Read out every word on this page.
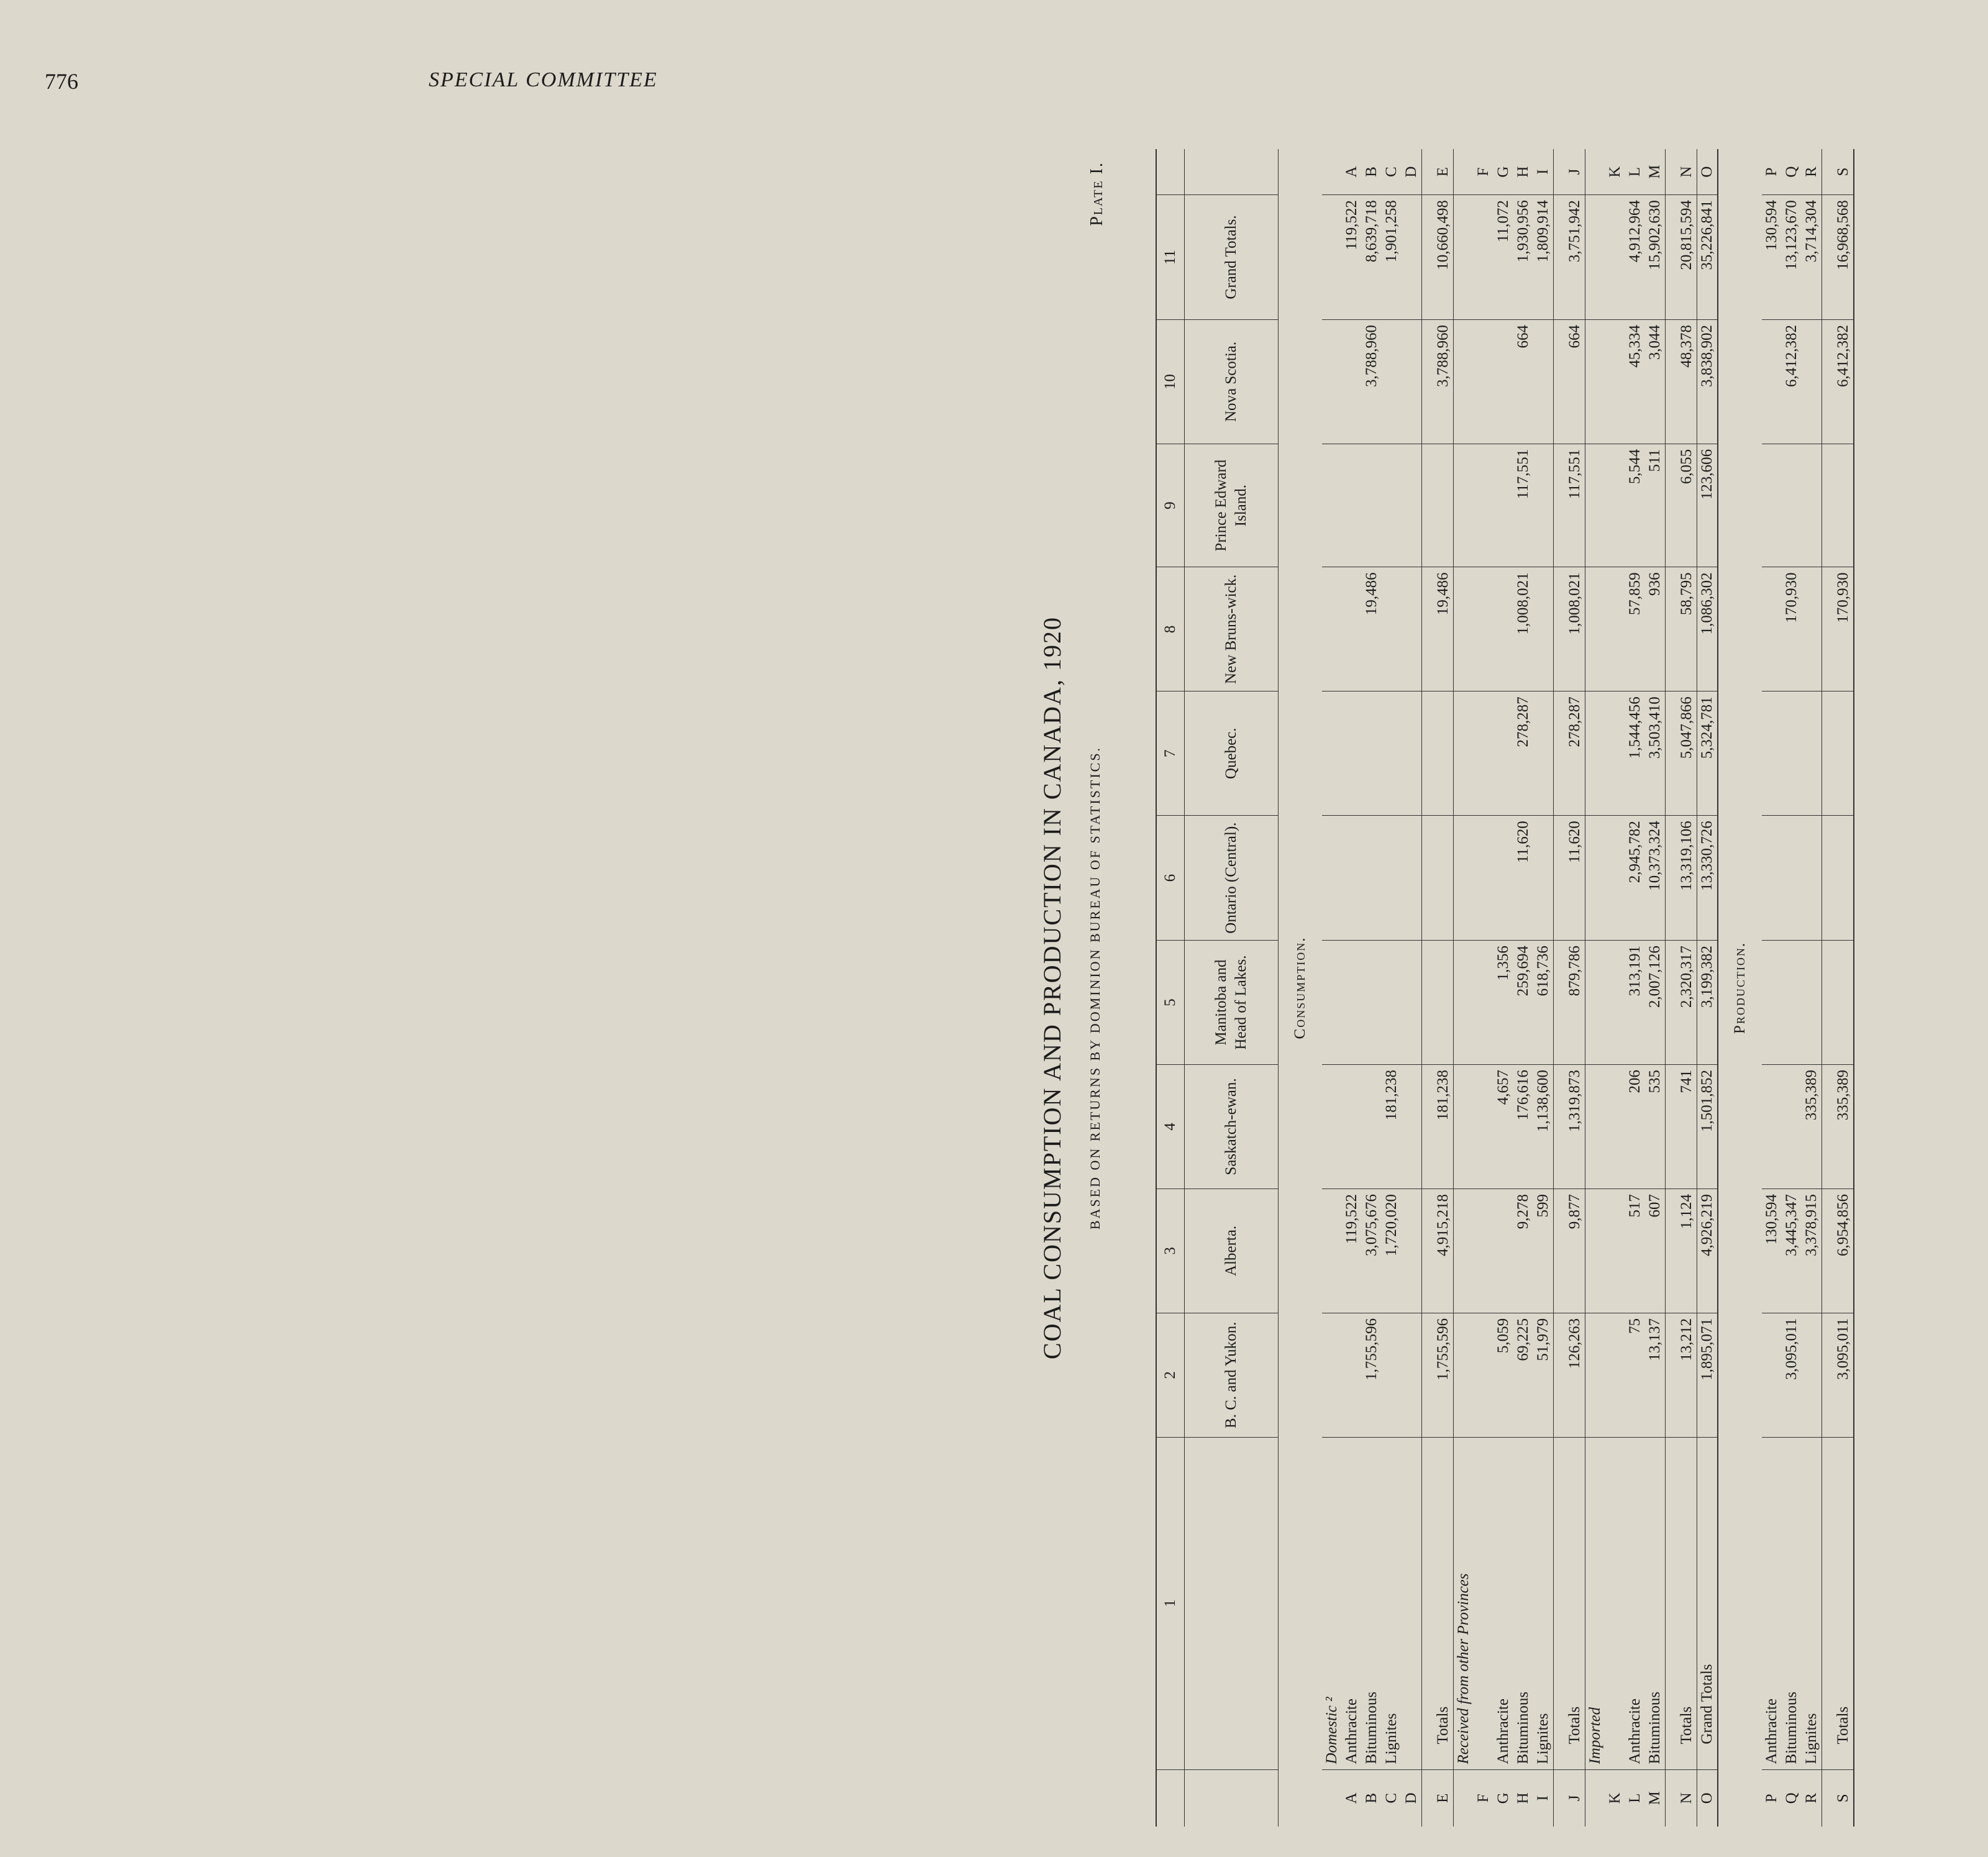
776	SPECIAL COMMITTEE
COAL CONSUMPTION AND PRODUCTION IN CANADA, 1920 BASED ON RETURNS BY DOMINION BUREAU OF STATISTICS.
Plate I.
	1	2	3	4	5	6	7	8	9	10	11	
		B. C. and Yukon.	Alberta.	Saskatch-ewan.	Manitoba and Head of Lakes.	Ontario (Central).	Quebec.	New Bruns-wick.	Prince Edward Island.	Nova Scotia.	Grand Totals.	
Consumption.												
	Domestic ²											
A	Anthracite		119,522								119,522	A
B	Bituminous	1,755,596	3,075,676					19,486		3,788,960	8,639,718	B
C	Lignites		1,720,020	181,238							1,901,258	C
D												D

E	Totals	1,755,596	4,915,218	181,238				19,486		3,788,960	10,660,498	E
	Received from other Provinces											
F												F
G	Anthracite	5,059		4,657	1,356						11,072	G
H	Bituminous	69,225	9,278	176,616	259,694	11,620	278,287	1,008,021	117,551	664	1,930,956	H
I	Lignites	51,979	599	1,138,600	618,736						1,809,914	I

J	Totals	126,263	9,877	1,319,873	879,786	11,620	278,287	1,008,021	117,551	664	3,751,942	J
	Imported											
K												K
L	Anthracite	75	517	206	313,191	2,945,782	1,544,456	57,859	5,544	45,334	4,912,964	L
M	Bituminous	13,137	607	535	2,007,126	10,373,324	3,503,410	936	511	3,044	15,902,630	M

N	Totals	13,212	1,124	741	2,320,317	13,319,106	5,047,866	58,795	6,055	48,378	20,815,594	N
O	Grand Totals	1,895,071	4,926,219	1,501,852	3,199,382	13,330,726	5,324,781	1,086,302	123,606	3,838,902	35,226,841	O
Production.												
P	Anthracite		130,594								130,594	P
Q	Bituminous	3,095,011	3,445,347					170,930		6,412,382	13,123,670	Q
R	Lignites		3,378,915	335,389							3,714,304	R

S	Totals	3,095,011	6,954,856	335,389				170,930		6,412,382	16,968,568	S
